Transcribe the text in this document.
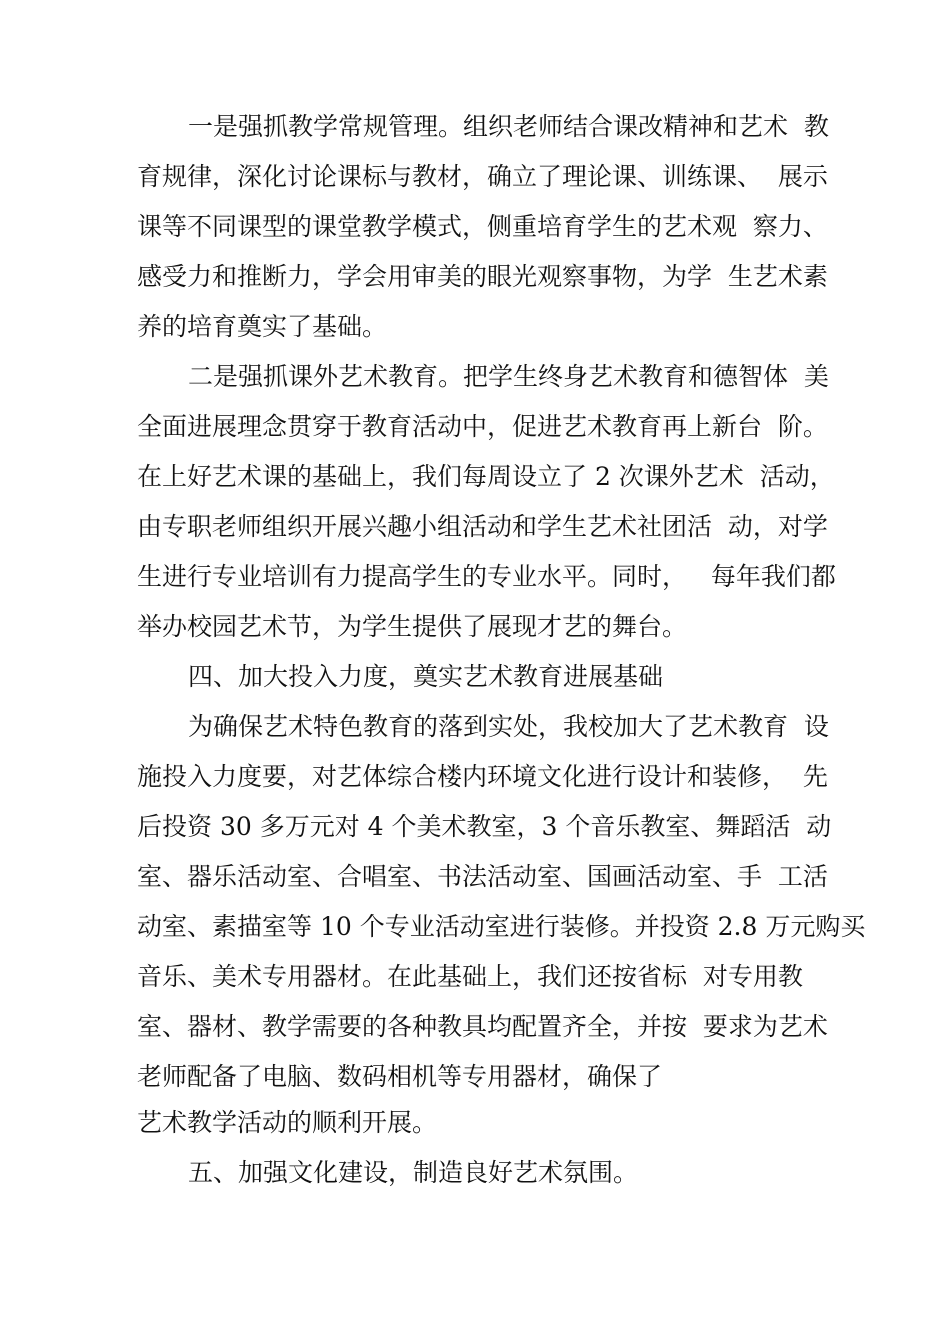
一是强抓教学常规管理。组织老师结合课改精神和艺术  教
育规律，深化讨论课标与教材，确立了理论课、训练课、  展示
课等不同课型的课堂教学模式，侧重培育学生的艺术观  察力、
感受力和推断力，学会用审美的眼光观察事物，为学  生艺术素
养的培育奠实了基础。
二是强抓课外艺术教育。把学生终身艺术教育和德智体  美
全面进展理念贯穿于教育活动中，促进艺术教育再上新台  阶。
在上好艺术课的基础上，我们每周设立了 2 次课外艺术  活动，
由专职老师组织开展兴趣小组活动和学生艺术社团活  动，对学
生进行专业培训有力提高学生的专业水平。同时，   每年我们都
举办校园艺术节，为学生提供了展现才艺的舞台。
四、加大投入力度，奠实艺术教育进展基础
为确保艺术特色教育的落到实处，我校加大了艺术教育  设
施投入力度要，对艺体综合楼内环境文化进行设计和装修，  先
后投资 30 多万元对 4 个美术教室，3 个音乐教室、舞蹈活  动
室、器乐活动室、合唱室、书法活动室、国画活动室、手  工活
动室、素描室等 10 个专业活动室进行装修。并投资 2.8 万元购买
音乐、美术专用器材。在此基础上，我们还按省标  对专用教
室、器材、教学需要的各种教具均配置齐全，并按  要求为艺术
老师配备了电脑、数码相机等专用器材，确保了
艺术教学活动的顺利开展。
五、加强文化建设，制造良好艺术氛围。
